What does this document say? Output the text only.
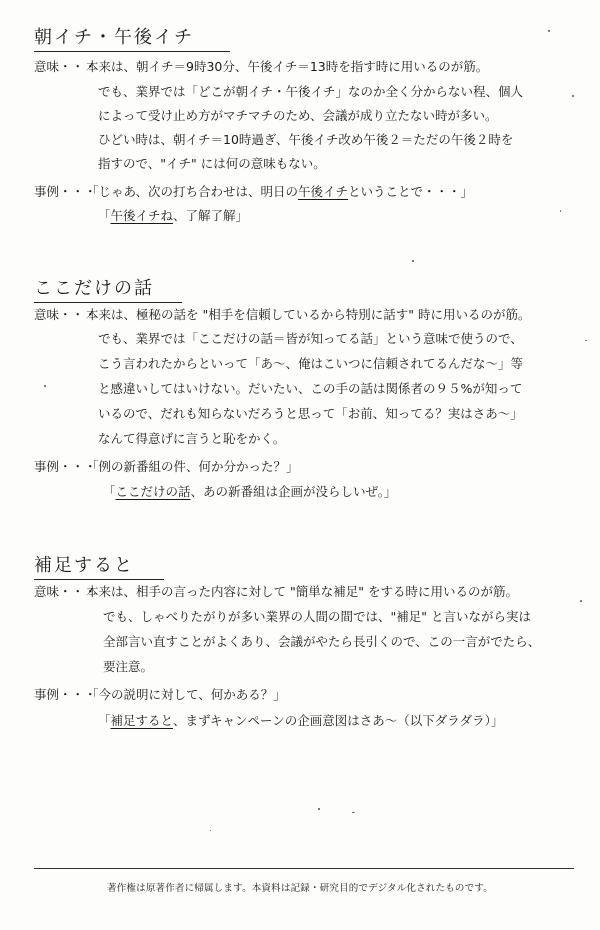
朝イチ・午後イチ
意味・・・
本来は、朝イチ＝9時30分、午後イチ＝13時を指す時に用いるのが筋。
でも、業界では「どこが朝イチ・午後イチ」なのか全く分からない程、個人
によって受け止め方がマチマチのため、会議が成り立たない時が多い。
ひどい時は、朝イチ＝10時過ぎ、午後イチ改め午後２＝ただの午後２時を
指すので、"イチ" には何の意味もない。
事例・・・
「じゃあ、次の打ち合わせは、明日の午後イチということで・・・」
「午後イチね、了解了解」
ここだけの話
意味・・・
本来は、極秘の話を "相手を信頼しているから特別に話す" 時に用いるのが筋。
でも、業界では「ここだけの話＝皆が知ってる話」という意味で使うので、
こう言われたからといって「あ～、俺はこいつに信頼されてるんだな～」等
と感違いしてはいけない。だいたい、この手の話は関係者の９５%が知って
いるので、だれも知らないだろうと思って「お前、知ってる？実はさあ～」
なんて得意げに言うと恥をかく。
事例・・・
「例の新番組の件、何か分かった？」
「ここだけの話、あの新番組は企画が没らしいぜ。」
補足すると
意味・・・
本来は、相手の言った内容に対して "簡単な補足" をする時に用いるのが筋。
でも、しゃべりたがりが多い業界の人間の間では、"補足" と言いながら実は
全部言い直すことがよくあり、会議がやたら長引くので、この一言がでたら、
要注意。
事例・・・
「今の説明に対して、何かある？」
「補足すると、まずキャンペーンの企画意図はさあ～（以下ダラダラ）」
著作権は原著作者に帰属します。本資料は記録・研究目的でデジタル化されたものです。
